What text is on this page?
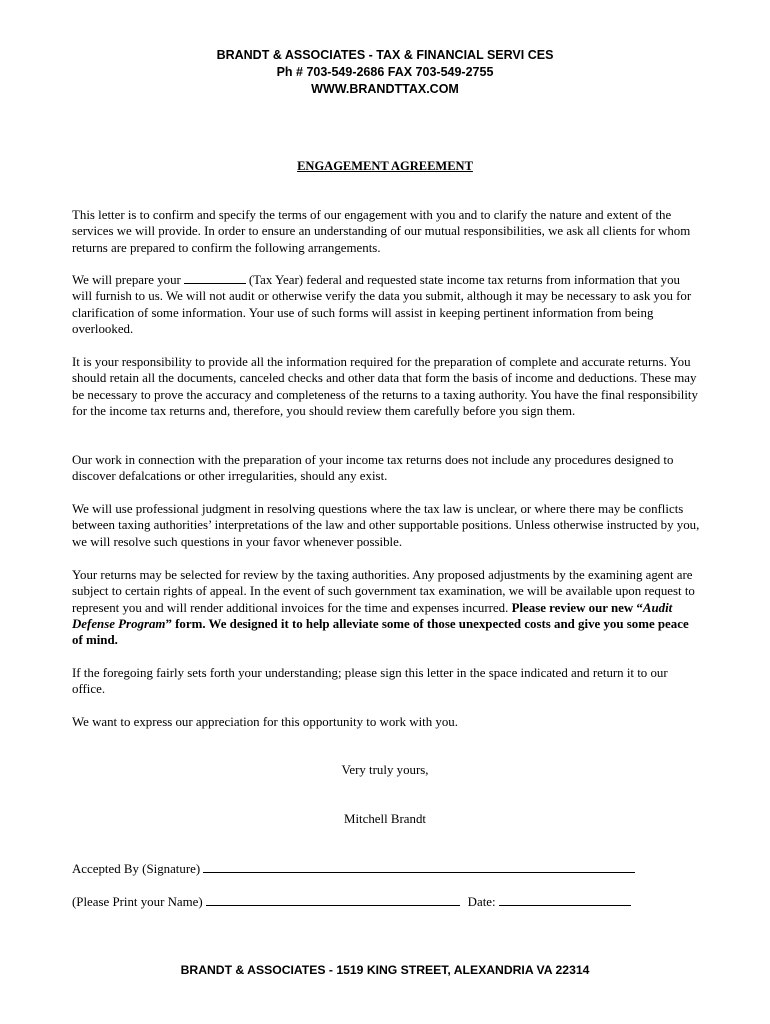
BRANDT & ASSOCIATES - TAX & FINANCIAL SERVI CES
Ph # 703-549-2686 FAX 703-549-2755
WWW.BRANDTTAX.COM
ENGAGEMENT AGREEMENT

This letter is to confirm and specify the terms of our engagement with you and to clarify the nature and extent of the services we will provide. In order to ensure an understanding of our mutual responsibilities, we ask all clients for whom returns are prepared to confirm the following arrangements.

We will prepare your	(Tax Year) federal and requested state income tax returns from information that you will furnish to us. We will not audit or otherwise verify the data you submit, although it may be necessary to ask you for clarification of some information. Your use of such forms will assist in keeping pertinent information from being overlooked.

It is your responsibility to provide all the information required for the preparation of complete and accurate returns. You should retain all the documents, canceled checks and other data that form the basis of income and deductions. These may be necessary to prove the accuracy and completeness of the returns to a taxing authority. You have the final responsibility for the income tax returns and, therefore, you should review them carefully before you sign them.

Our work in connection with the preparation of your income tax returns does not include any procedures designed to discover defalcations or other irregularities, should any exist.

We will use professional judgment in resolving questions where the tax law is unclear, or where there may be conflicts between taxing authorities’ interpretations of the law and other supportable positions. Unless otherwise instructed by you, we will resolve such questions in your favor whenever possible.

Your returns may be selected for review by the taxing authorities. Any proposed adjustments by the examining agent are subject to certain rights of appeal. In the event of such government tax examination, we will be available upon request to represent you and will render additional invoices for the time and expenses incurred. Please review our new “Audit Defense Program” form. We designed it to help alleviate some of those unexpected costs and give you some peace of mind.

If the foregoing fairly sets forth your understanding; please sign this letter in the space indicated and return it to our office.

We want to express our appreciation for this opportunity to work with you.

Very truly yours,
Mitchell Brandt
Accepted By (Signature)
(Please Print your Name)	Date:
BRANDT & ASSOCIATES - 1519 KING STREET, ALEXANDRIA VA 22314
